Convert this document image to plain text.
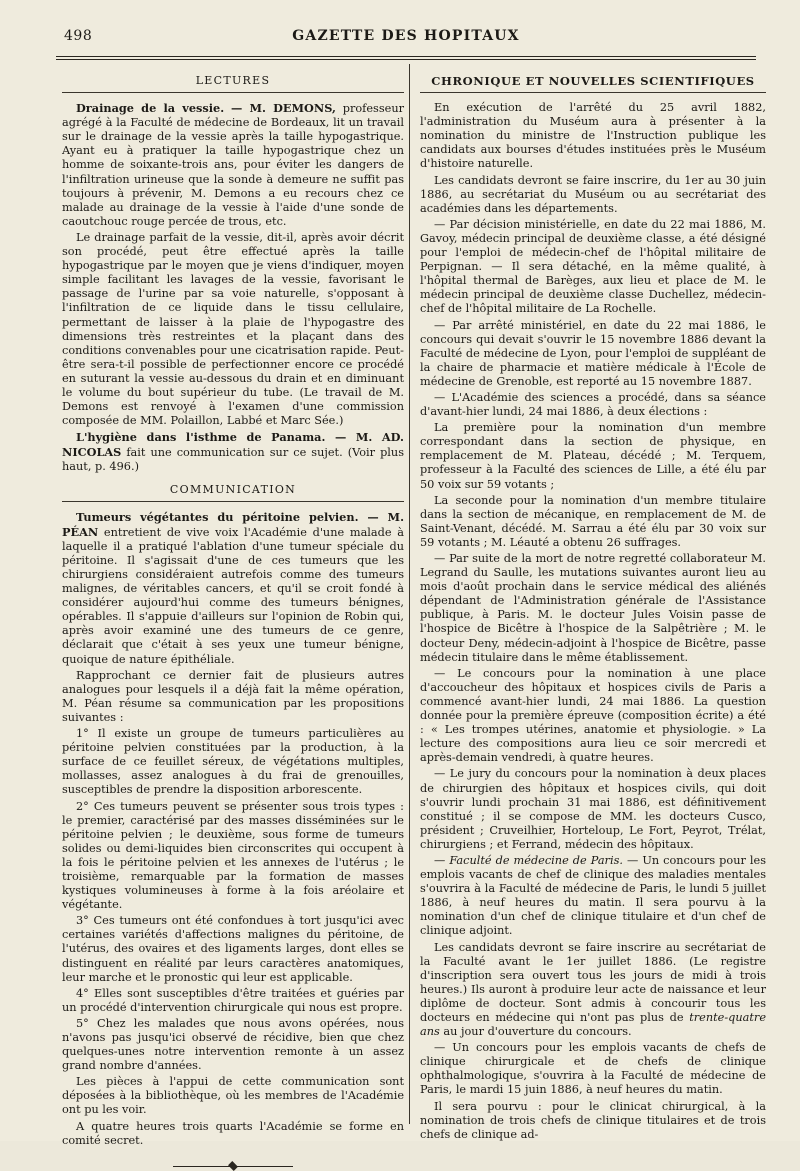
498	GAZETTE DES HOPITAUX
LECTURES

Drainage de la vessie. — M. DEMONS, professeur agrégé à la Faculté de médecine de Bordeaux, lit un travail sur le drainage de la vessie après la taille hypogastrique. Ayant eu à pratiquer la taille hypogastrique chez un homme de soixante-trois ans, pour éviter les dangers de l'infiltration urineuse que la sonde à demeure ne suffit pas toujours à prévenir, M. Demons a eu recours chez ce malade au drainage de la vessie à l'aide d'une sonde de caoutchouc rouge percée de trous, etc.

Le drainage parfait de la vessie, dit-il, après avoir décrit son procédé, peut être effectué après la taille hypogastrique par le moyen que je viens d'indiquer, moyen simple facilitant les lavages de la vessie, favorisant le passage de l'urine par sa voie naturelle, s'opposant à l'infiltration de ce liquide dans le tissu cellulaire, permettant de laisser à la plaie de l'hypogastre des dimensions très restreintes et la plaçant dans des conditions convenables pour une cicatrisation rapide. Peut-être sera-t-il possible de perfectionner encore ce procédé en suturant la vessie au-dessous du drain et en diminuant le volume du bout supérieur du tube. (Le travail de M. Demons est renvoyé à l'examen d'une commission composée de MM. Polaillon, Labbé et Marc Sée.)

L'hygiène dans l'isthme de Panama. — M. AD. NICOLAS fait une communication sur ce sujet. (Voir plus haut, p. 496.)

COMMUNICATION

Tumeurs végétantes du péritoine pelvien. — M. PÉAN entretient de vive voix l'Académie d'une malade à laquelle il a pratiqué l'ablation d'une tumeur spéciale du péritoine. Il s'agissait d'une de ces tumeurs que les chirurgiens considéraient autrefois comme des tumeurs malignes, de véritables cancers, et qu'il se croit fondé à considérer aujourd'hui comme des tumeurs bénignes, opérables. Il s'appuie d'ailleurs sur l'opinion de Robin qui, après avoir examiné une des tumeurs de ce genre, déclarait que c'était à ses yeux une tumeur bénigne, quoique de nature épithéliale.

Rapprochant ce dernier fait de plusieurs autres analogues pour lesquels il a déjà fait la même opération, M. Péan résume sa communication par les propositions suivantes :

1° Il existe un groupe de tumeurs particulières au péritoine pelvien constituées par la production, à la surface de ce feuillet séreux, de végétations multiples, mollasses, assez analogues à du frai de grenouilles, susceptibles de prendre la disposition arborescente.

2° Ces tumeurs peuvent se présenter sous trois types : le premier, caractérisé par des masses disséminées sur le péritoine pelvien ; le deuxième, sous forme de tumeurs solides ou demi-liquides bien circonscrites qui occupent à la fois le péritoine pelvien et les annexes de l'utérus ; le troisième, remarquable par la formation de masses kystiques volumineuses à forme à la fois aréolaire et végétante.

3° Ces tumeurs ont été confondues à tort jusqu'ici avec certaines variétés d'affections malignes du péritoine, de l'utérus, des ovaires et des ligaments larges, dont elles se distinguent en réalité par leurs caractères anatomiques, leur marche et le pronostic qui leur est applicable.

4° Elles sont susceptibles d'être traitées et guéries par un procédé d'intervention chirurgicale qui nous est propre.

5° Chez les malades que nous avons opérées, nous n'avons pas jusqu'ici observé de récidive, bien que chez quelques-unes notre intervention remonte à un assez grand nombre d'années.

Les pièces à l'appui de cette communication sont déposées à la bibliothèque, où les membres de l'Académie ont pu les voir.

A quatre heures trois quarts l'Académie se forme en comité secret.

CHRONIQUE ET NOUVELLES SCIENTIFIQUES

En exécution de l'arrêté du 25 avril 1882, l'administration du Muséum aura à présenter à la nomination du ministre de l'Instruction publique les candidats aux bourses d'études instituées près le Muséum d'histoire naturelle.

Les candidats devront se faire inscrire, du 1er au 30 juin 1886, au secrétariat du Muséum ou au secrétariat des académies dans les départements.

— Par décision ministérielle, en date du 22 mai 1886, M. Gavoy, médecin principal de deuxième classe, a été désigné pour l'emploi de médecin-chef de l'hôpital militaire de Perpignan. — Il sera détaché, en la même qualité, à l'hôpital thermal de Barèges, aux lieu et place de M. le médecin principal de deuxième classe Duchellez, médecin-chef de l'hôpital militaire de La Rochelle.

— Par arrêté ministériel, en date du 22 mai 1886, le concours qui devait s'ouvrir le 15 novembre 1886 devant la Faculté de médecine de Lyon, pour l'emploi de suppléant de la chaire de pharmacie et matière médicale à l'École de médecine de Grenoble, est reporté au 15 novembre 1887.

— L'Académie des sciences a procédé, dans sa séance d'avant-hier lundi, 24 mai 1886, à deux élections :

La première pour la nomination d'un membre correspondant dans la section de physique, en remplacement de M. Plateau, décédé ; M. Terquem, professeur à la Faculté des sciences de Lille, a été élu par 50 voix sur 59 votants ;

La seconde pour la nomination d'un membre titulaire dans la section de mécanique, en remplacement de M. de Saint-Venant, décédé. M. Sarrau a été élu par 30 voix sur 59 votants ; M. Léauté a obtenu 26 suffrages.

— Par suite de la mort de notre regretté collaborateur M. Legrand du Saulle, les mutations suivantes auront lieu au mois d'août prochain dans le service médical des aliénés dépendant de l'Administration générale de l'Assistance publique, à Paris. M. le docteur Jules Voisin passe de l'hospice de Bicêtre à l'hospice de la Salpêtrière ; M. le docteur Deny, médecin-adjoint à l'hospice de Bicêtre, passe médecin titulaire dans le même établissement.

— Le concours pour la nomination à une place d'accoucheur des hôpitaux et hospices civils de Paris a commencé avant-hier lundi, 24 mai 1886. La question donnée pour la première épreuve (composition écrite) a été : « Les trompes utérines, anatomie et physiologie. » La lecture des compositions aura lieu ce soir mercredi et après-demain vendredi, à quatre heures.

— Le jury du concours pour la nomination à deux places de chirurgien des hôpitaux et hospices civils, qui doit s'ouvrir lundi prochain 31 mai 1886, est définitivement constitué ; il se compose de MM. les docteurs Cusco, président ; Cruveilhier, Horteloup, Le Fort, Peyrot, Trélat, chirurgiens ; et Ferrand, médecin des hôpitaux.

— Faculté de médecine de Paris. — Un concours pour les emplois vacants de chef de clinique des maladies mentales s'ouvrira à la Faculté de médecine de Paris, le lundi 5 juillet 1886, à neuf heures du matin. Il sera pourvu à la nomination d'un chef de clinique titulaire et d'un chef de clinique adjoint.

Les candidats devront se faire inscrire au secrétariat de la Faculté avant le 1er juillet 1886. (Le registre d'inscription sera ouvert tous les jours de midi à trois heures.) Ils auront à produire leur acte de naissance et leur diplôme de docteur. Sont admis à concourir tous les docteurs en médecine qui n'ont pas plus de trente-quatre ans au jour d'ouverture du concours.

— Un concours pour les emplois vacants de chefs de clinique chirurgicale et de chefs de clinique ophthalmologique, s'ouvrira à la Faculté de médecine de Paris, le mardi 15 juin 1886, à neuf heures du matin.

Il sera pourvu : pour le clinicat chirurgical, à la nomination de trois chefs de clinique titulaires et de trois chefs de clinique ad-
